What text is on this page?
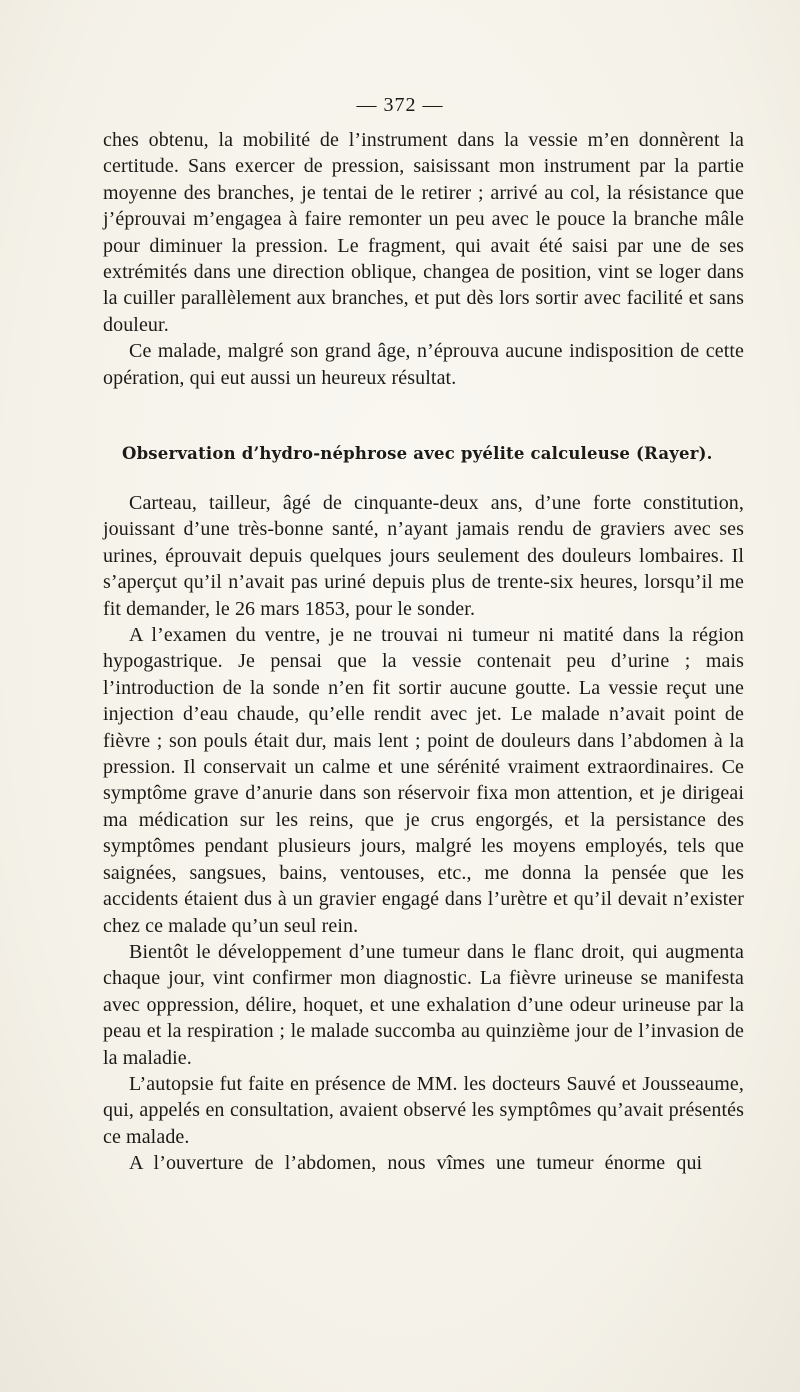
— 372 —

ches obtenu, la mobilité de l’instrument dans la vessie m’en donnèrent la certitude. Sans exercer de pression, saisissant mon instrument par la partie moyenne des branches, je tentai de le retirer ; arrivé au col, la résistance que j’éprouvai m’engagea à faire remonter un peu avec le pouce la branche mâle pour diminuer la pression. Le fragment, qui avait été saisi par une de ses extrémités dans une direction oblique, changea de position, vint se loger dans la cuiller parallèlement aux branches, et put dès lors sortir avec facilité et sans douleur.

Ce malade, malgré son grand âge, n’éprouva aucune indisposition de cette opération, qui eut aussi un heureux résultat.

Observation d’hydro-néphrose avec pyélite calculeuse (Rayer).

Carteau, tailleur, âgé de cinquante-deux ans, d’une forte constitution, jouissant d’une très-bonne santé, n’ayant jamais rendu de graviers avec ses urines, éprouvait depuis quelques jours seulement des douleurs lombaires. Il s’aperçut qu’il n’avait pas uriné depuis plus de trente-six heures, lorsqu’il me fit demander, le 26 mars 1853, pour le sonder.

A l’examen du ventre, je ne trouvai ni tumeur ni matité dans la région hypogastrique. Je pensai que la vessie contenait peu d’urine ; mais l’introduction de la sonde n’en fit sortir aucune goutte. La vessie reçut une injection d’eau chaude, qu’elle rendit avec jet. Le malade n’avait point de fièvre ; son pouls était dur, mais lent ; point de douleurs dans l’abdomen à la pression. Il conservait un calme et une sérénité vraiment extraordinaires. Ce symptôme grave d’anurie dans son réservoir fixa mon attention, et je dirigeai ma médication sur les reins, que je crus engorgés, et la persistance des symptômes pendant plusieurs jours, malgré les moyens employés, tels que saignées, sangsues, bains, ventouses, etc., me donna la pensée que les accidents étaient dus à un gravier engagé dans l’urètre et qu’il devait n’exister chez ce malade qu’un seul rein.

Bientôt le développement d’une tumeur dans le flanc droit, qui augmenta chaque jour, vint confirmer mon diagnostic. La fièvre urineuse se manifesta avec oppression, délire, hoquet, et une exhalation d’une odeur urineuse par la peau et la respiration ; le malade succomba au quinzième jour de l’invasion de la maladie.

L’autopsie fut faite en présence de MM. les docteurs Sauvé et Jousseaume, qui, appelés en consultation, avaient observé les symptômes qu’avait présentés ce malade.

A l’ouverture de l’abdomen, nous vîmes une tumeur énorme qui
